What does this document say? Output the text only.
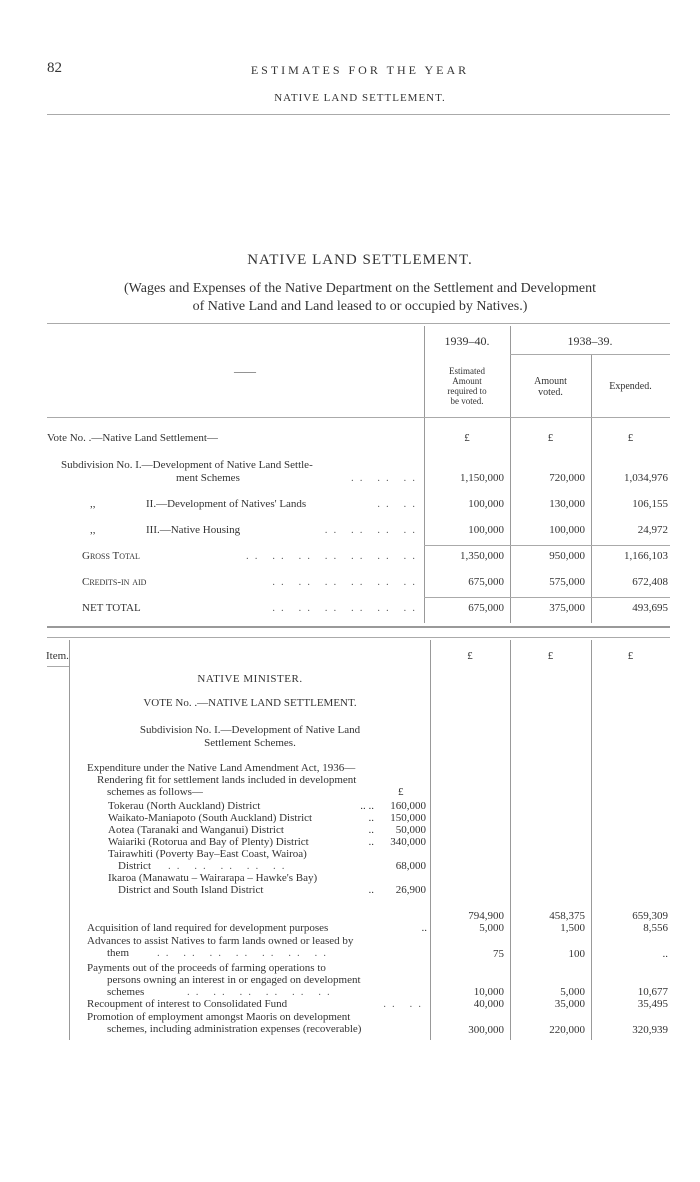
82	ESTIMATES FOR THE YEAR
NATIVE LAND SETTLEMENT.
NATIVE LAND SETTLEMENT.
(Wages and Expenses of the Native Department on the Settlement and Development
of Native Land and Land leased to or occupied by Natives.)
1939–40.	1938–39.
——	Estimated
Amount
required to
be voted.
Amount
voted.
Expended.
Vote No. .—Native Land Settlement—	£	£	£
Subdivision No. I.—Development of Native Land Settle-
ment Schemes	.. .. ..	1,150,000	720,000	1,034,976
,,	II.—Development of Natives' Lands	.. ..	100,000	130,000	106,155
,,	III.—Native Housing	.. .. .. ..	100,000	100,000	24,972
Gross Total	.. .. .. .. .. .. ..	1,350,000	950,000	1,166,103
Credits-in aid	.. .. .. .. .. ..	675,000	575,000	672,408
NET TOTAL	.. .. .. .. .. ..	675,000	375,000	493,695
Item.	£	£	£
NATIVE MINISTER.
VOTE No. .—NATIVE LAND SETTLEMENT.
Subdivision No. I.—Development of Native Land
Settlement Schemes.
Expenditure under the Native Land Amendment Act, 1936—
Rendering fit for settlement lands included in development
schemes as follows—	£
Tokerau (North Auckland) District	.. .. 160,000
Waikato-Maniapoto (South Auckland) District	.. 150,000
Aotea (Taranaki and Wanganui) District	.. 50,000
Waiariki (Rotorua and Bay of Plenty) District	.. 340,000
Tairawhiti (Poverty Bay–East Coast, Wairoa)
District .. .. .. .. ..	68,000
Ikaroa (Manawatu – Wairarapa – Hawke's Bay)
District and South Island District	.. 26,900
794,900	458,375	659,309
Acquisition of land required for development purposes	..	5,000	1,500	8,556
Advances to assist Natives to farm lands owned or leased by
them	.. .. .. .. .. .. ..	75	100	..
Payments out of the proceeds of farming operations to
persons owning an interest in or engaged on development
schemes	.. .. .. .. .. ..	10,000	5,000	10,677
Recoupment of interest to Consolidated Fund	.. ..	40,000	35,000	35,495
Promotion of employment amongst Maoris on development
schemes, including administration expenses (recoverable)	300,000	220,000	320,939
